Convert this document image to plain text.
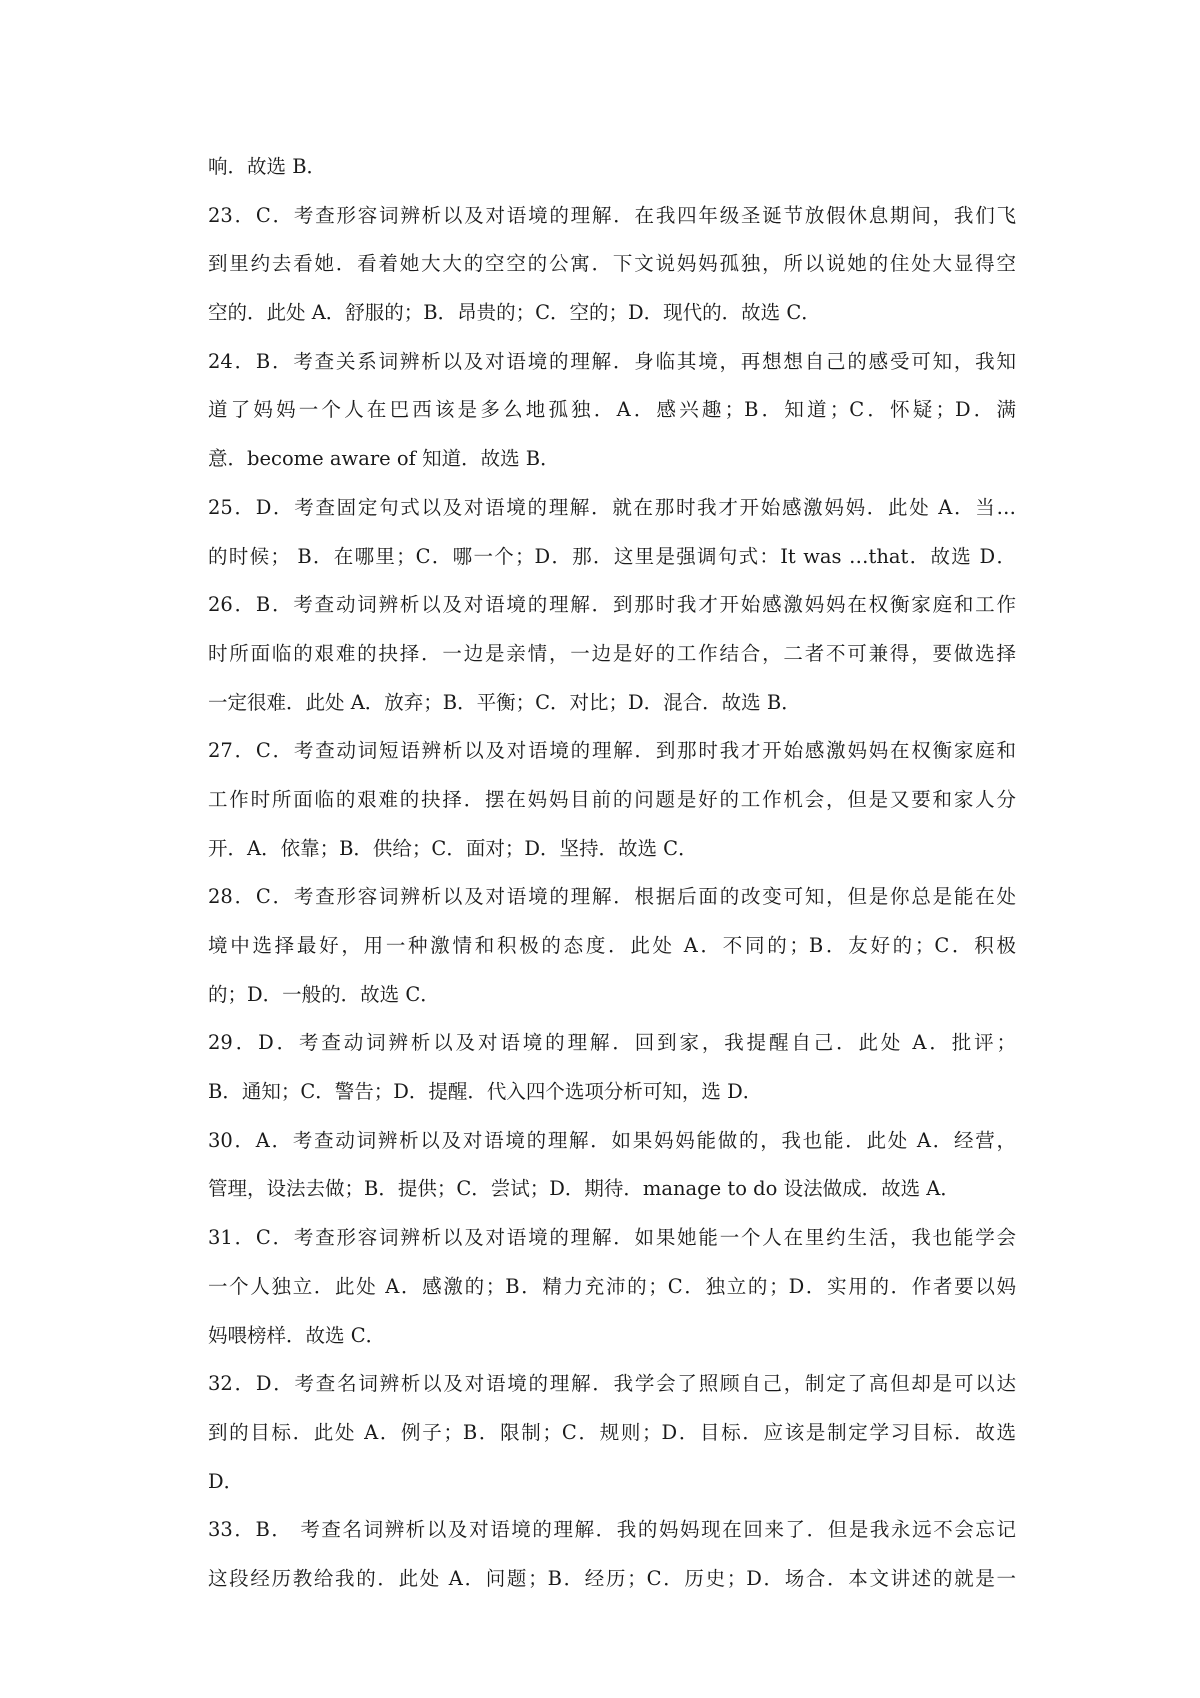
响．故选 B．
23．C．考查形容词辨析以及对语境的理解．在我四年级圣诞节放假休息期间，我们飞
到里约去看她．看着她大大的空空的公寓．下文说妈妈孤独，所以说她的住处大显得空
空的．此处 A．舒服的；B．昂贵的；C．空的；D．现代的．故选 C．
24．B．考查关系词辨析以及对语境的理解．身临其境，再想想自己的感受可知，我知
道了妈妈一个人在巴西该是多么地孤独．A．感兴趣；B．知道；C．怀疑；D．满
意．become aware of 知道．故选 B．
25．D．考查固定句式以及对语境的理解．就在那时我才开始感激妈妈．此处 A．当…
的时候； B．在哪里；C．哪一个；D．那．这里是强调句式：It was …that．故选 D．
26．B．考查动词辨析以及对语境的理解．到那时我才开始感激妈妈在权衡家庭和工作
时所面临的艰难的抉择．一边是亲情，一边是好的工作结合，二者不可兼得，要做选择
一定很难．此处 A．放弃；B．平衡；C．对比；D．混合．故选 B．
27．C．考查动词短语辨析以及对语境的理解．到那时我才开始感激妈妈在权衡家庭和
工作时所面临的艰难的抉择．摆在妈妈目前的问题是好的工作机会，但是又要和家人分
开．A．依靠；B．供给；C．面对；D．坚持．故选 C．
28．C．考查形容词辨析以及对语境的理解．根据后面的改变可知，但是你总是能在处
境中选择最好，用一种激情和积极的态度．此处 A．不同的；B．友好的；C．积极
的；D．一般的．故选 C．
29．D．考查动词辨析以及对语境的理解．回到家，我提醒自己．此处 A．批评；
B．通知；C．警告；D．提醒．代入四个选项分析可知，选 D．
30．A．考查动词辨析以及对语境的理解．如果妈妈能做的，我也能．此处 A．经营，
管理，设法去做；B．提供；C．尝试；D．期待．manage to do 设法做成．故选 A．
31．C．考查形容词辨析以及对语境的理解．如果她能一个人在里约生活，我也能学会
一个人独立．此处 A．感激的；B．精力充沛的；C．独立的；D．实用的．作者要以妈
妈喂榜样．故选 C．
32．D．考查名词辨析以及对语境的理解．我学会了照顾自己，制定了高但却是可以达
到的目标．此处 A．例子；B．限制；C．规则；D．目标．应该是制定学习目标．故选
D．
33．B． 考查名词辨析以及对语境的理解．我的妈妈现在回来了．但是我永远不会忘记
这段经历教给我的．此处 A．问题；B．经历；C．历史；D．场合．本文讲述的就是一
